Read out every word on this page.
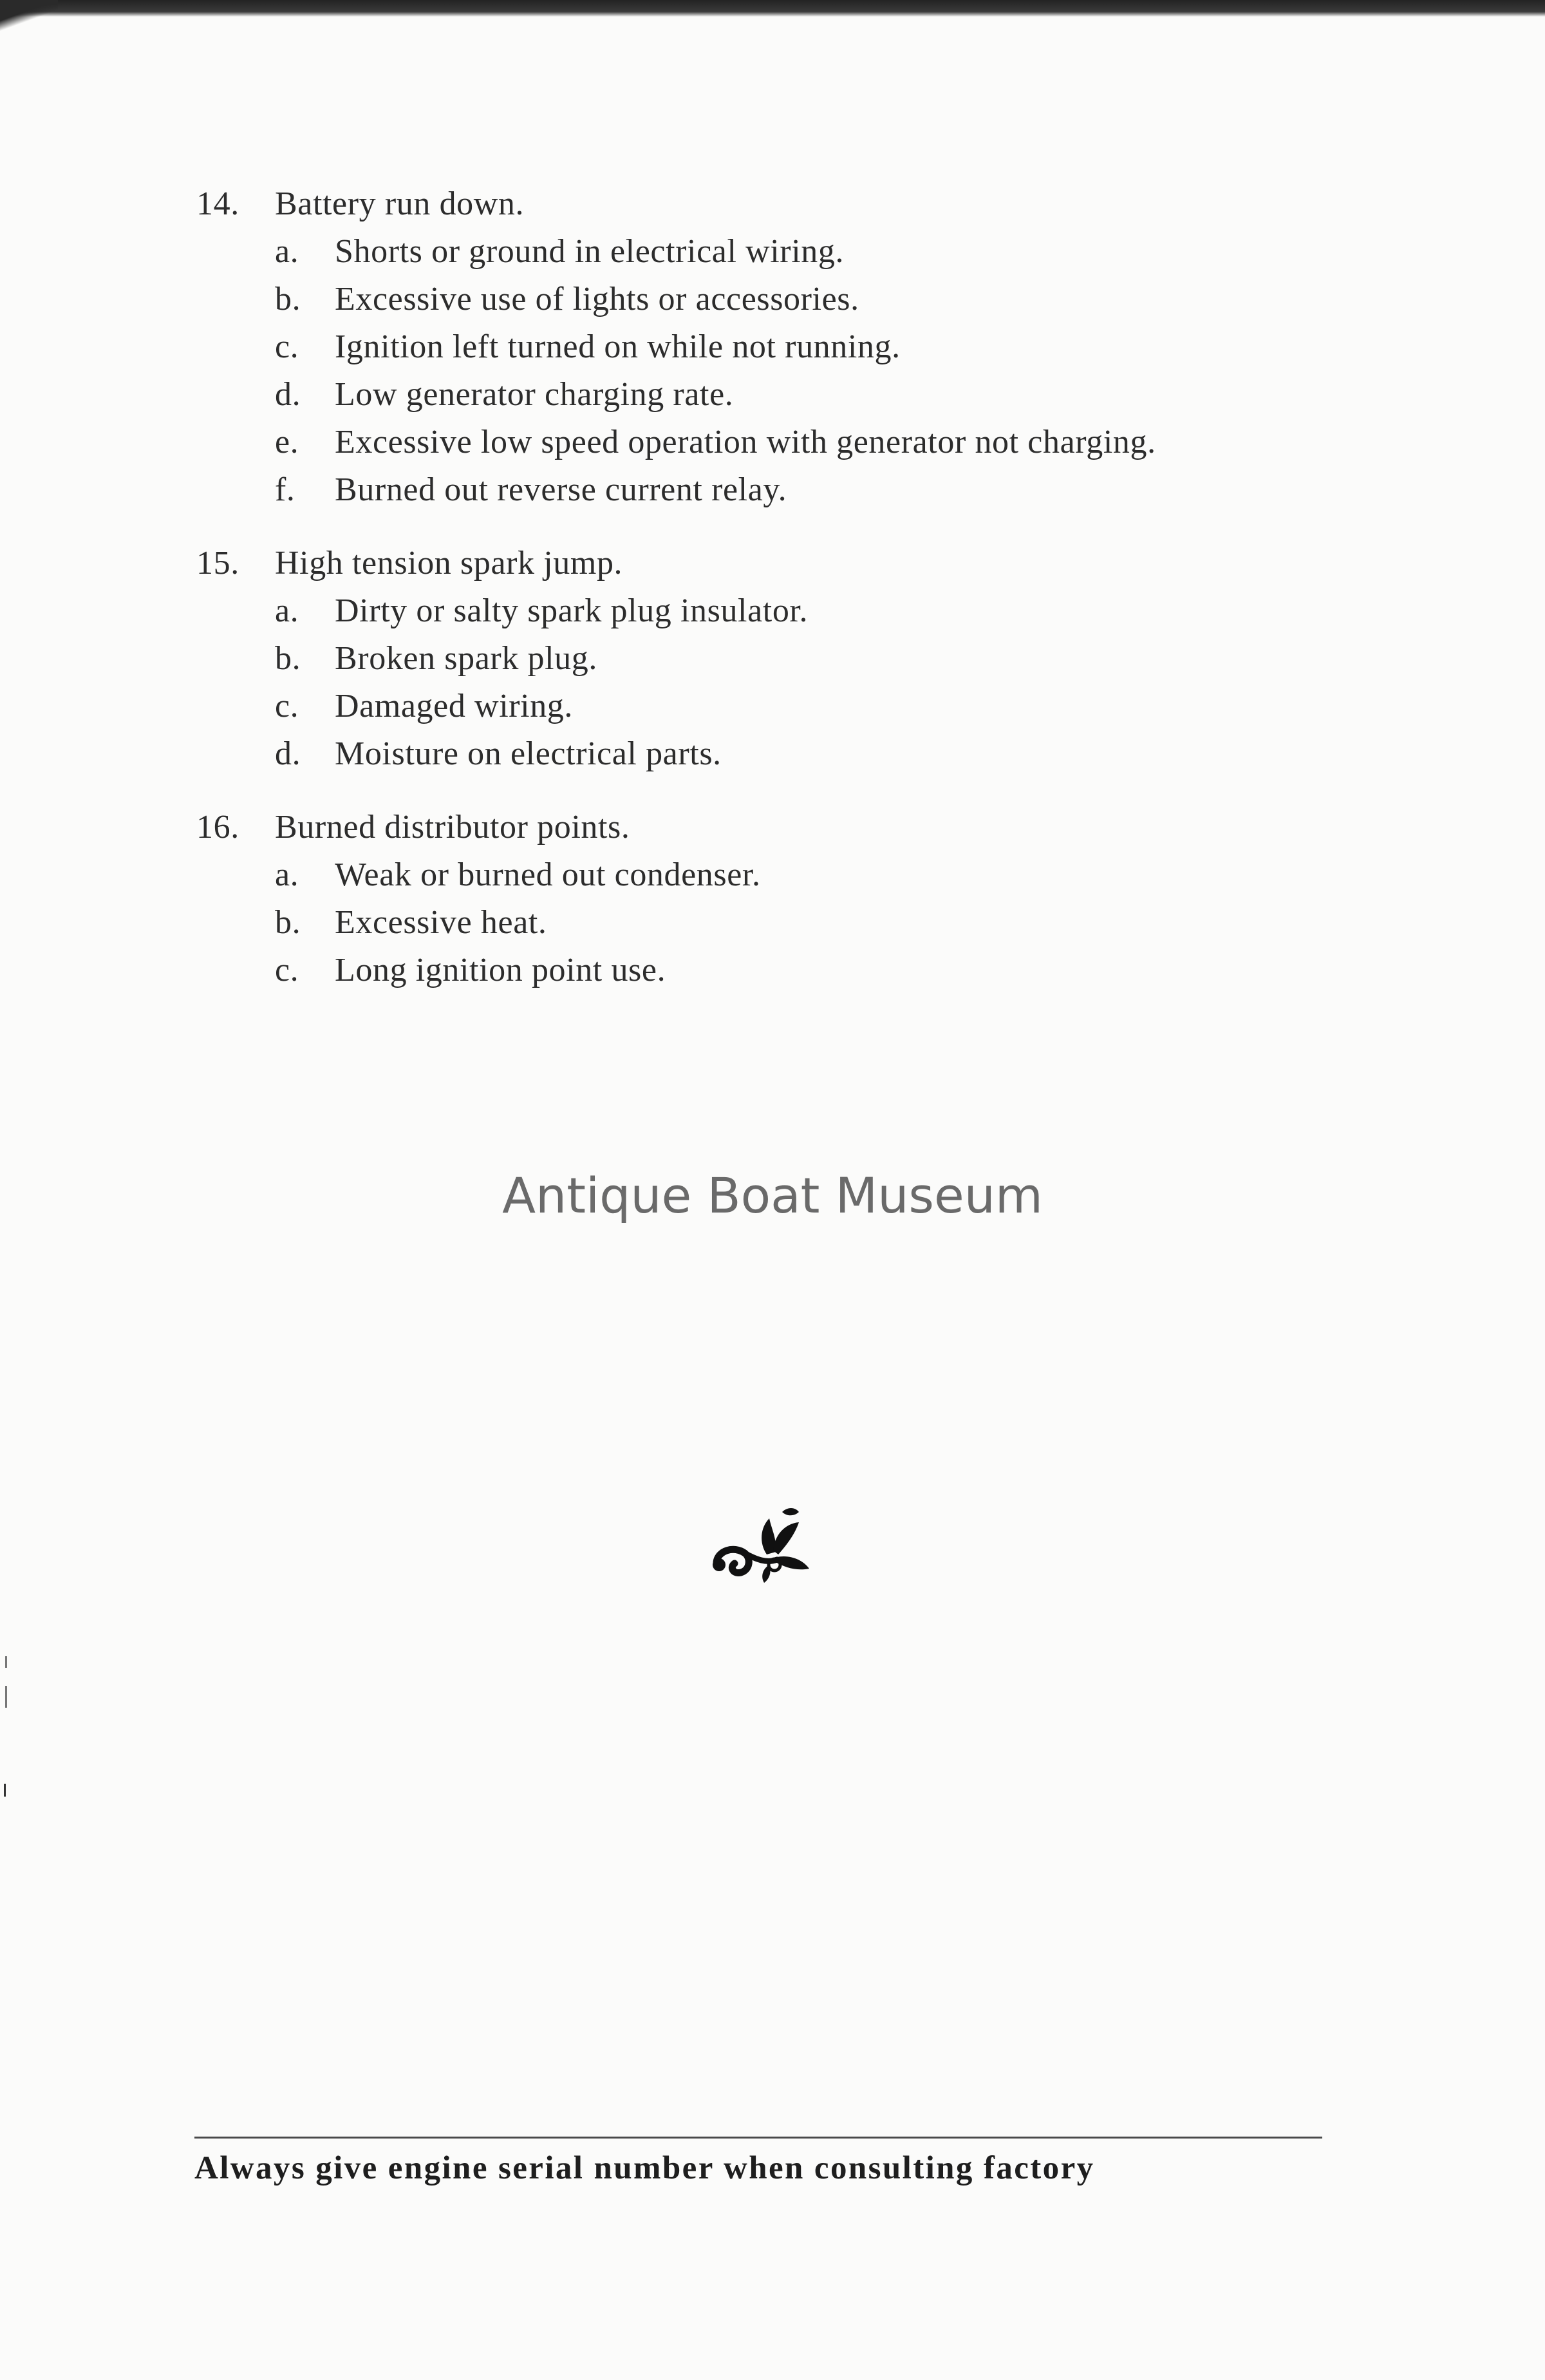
14.	Battery run down.
a.	Shorts or ground in electrical wiring.
b.	Excessive use of lights or accessories.
c.	Ignition left turned on while not running.
d.	Low generator charging rate.
e.	Excessive low speed operation with generator not charging.
f.	Burned out reverse current relay.
15.	High tension spark jump.
a.	Dirty or salty spark plug insulator.
b.	Broken spark plug.
c.	Damaged wiring.
d.	Moisture on electrical parts.
16.	Burned distributor points.
a.	Weak or burned out condenser.
b.	Excessive heat.
c.	Long ignition point use.
Antique Boat Museum
Always give engine serial number when consulting factory
